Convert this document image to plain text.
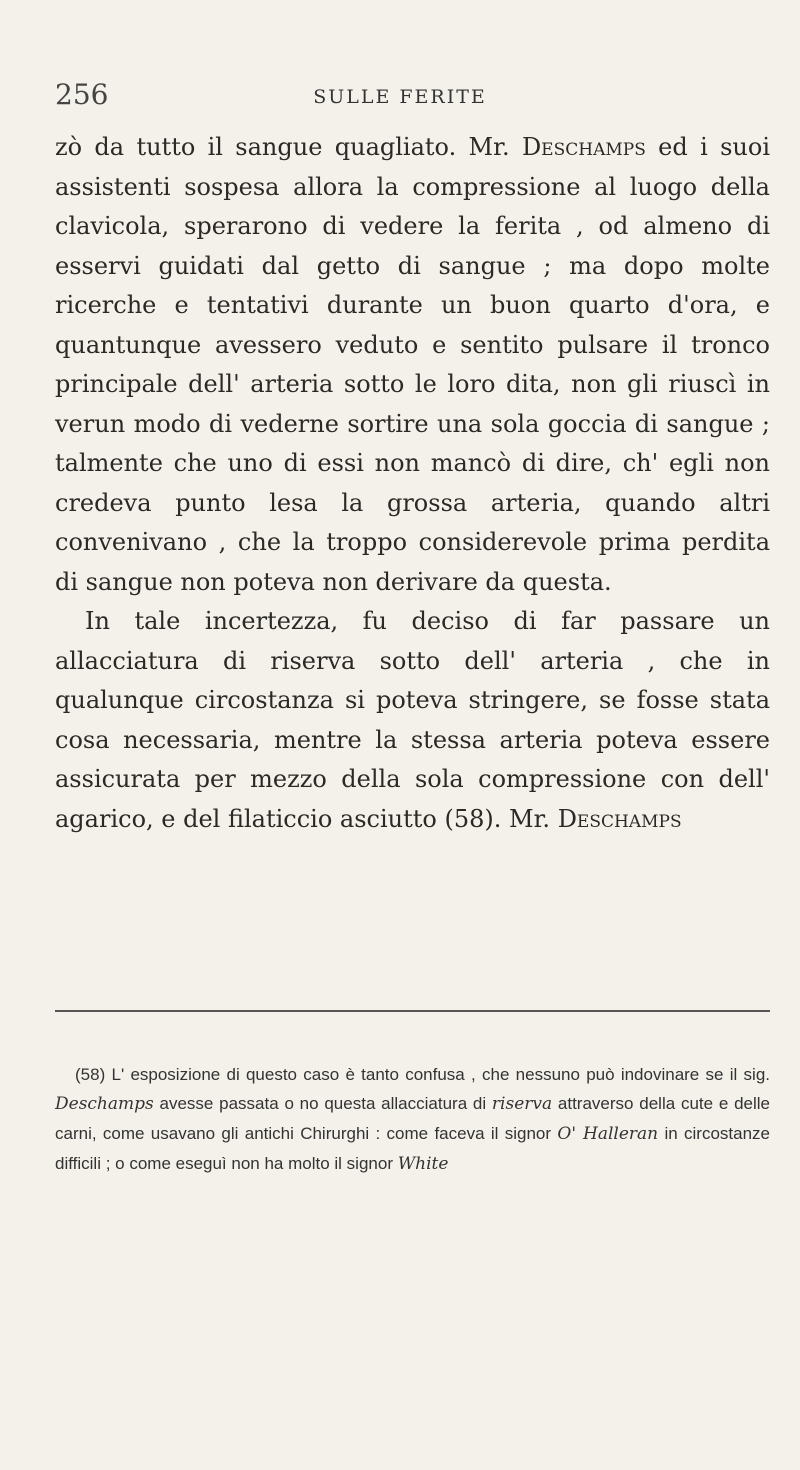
256	SULLE FERITE

zò da tutto il sangue quagliato. Mr. Deschamps ed i suoi assistenti sospesa allora la compressione al luogo della clavicola, sperarono di vedere la ferita , od almeno di esservi guidati dal getto di sangue ; ma dopo molte ricerche e tentativi durante un buon quarto d'ora, e quantunque avessero veduto e sentito pulsare il tronco principale dell' arteria sotto le loro dita, non gli riuscì in verun modo di vederne sortire una sola goccia di sangue ; talmente che uno di essi non mancò di dire, ch' egli non credeva punto lesa la grossa arteria, quando altri convenivano , che la troppo considerevole prima perdita di sangue non poteva non derivare da questa.

In tale incertezza, fu deciso di far passare un allacciatura di riserva sotto dell' arteria , che in qualunque circostanza si poteva stringere, se fosse stata cosa necessaria, mentre la stessa arteria poteva essere assicurata per mezzo della sola compressione con dell' agarico, e del filaticcio asciutto (58). Mr. Deschamps

(58) L' esposizione di questo caso è tanto confusa , che nessuno può indovinare se il sig. Deschamps avesse passata o no questa allacciatura di riserva attraverso della cute e delle carni, come usavano gli antichi Chirurghi : come faceva il signor O' Halleran in circostanze difficili ; o come eseguì non ha molto il signor White
